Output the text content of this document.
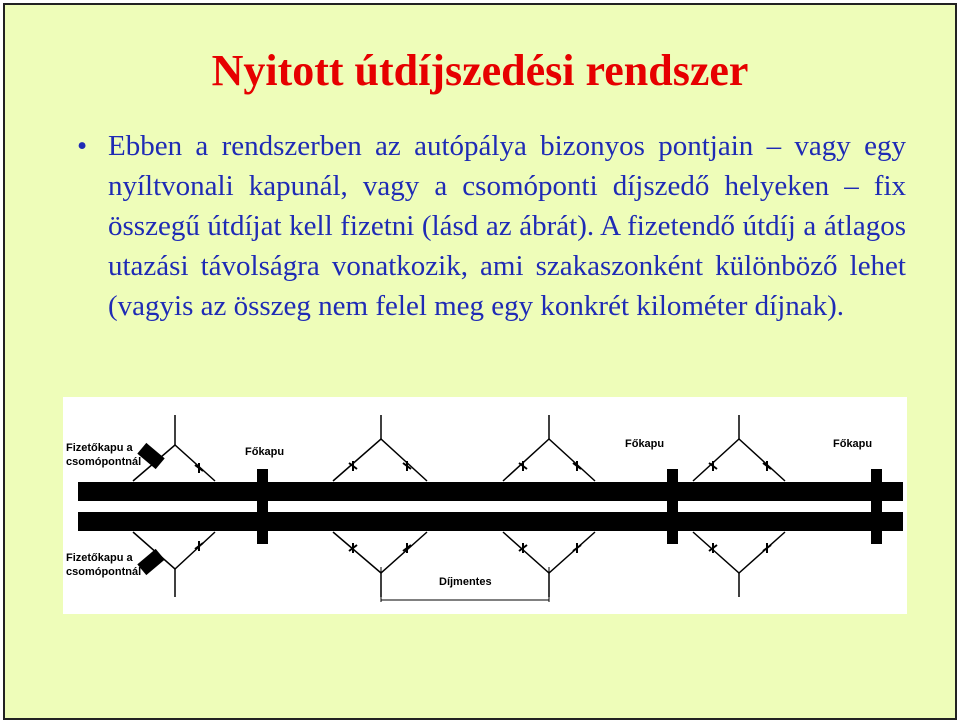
Nyitott útdíjszedési rendszer
• Ebben a rendszerben az autópálya bizonyos pontjain – vagy egy nyíltvonali kapunál, vagy a csomóponti díjszedő helyeken – fix összegű útdíjat kell fizetni (lásd az ábrát). A fizetendő útdíj a átlagos utazási távolságra vonatkozik, ami szakaszonként különböző lehet (vagyis az összeg nem felel meg egy konkrét kilométer díjnak).
Fizetőkapu a
csomópontnál
Fizetőkapu a
csomópontnál
Főkapu
Főkapu	Főkapu
Díjmentes
